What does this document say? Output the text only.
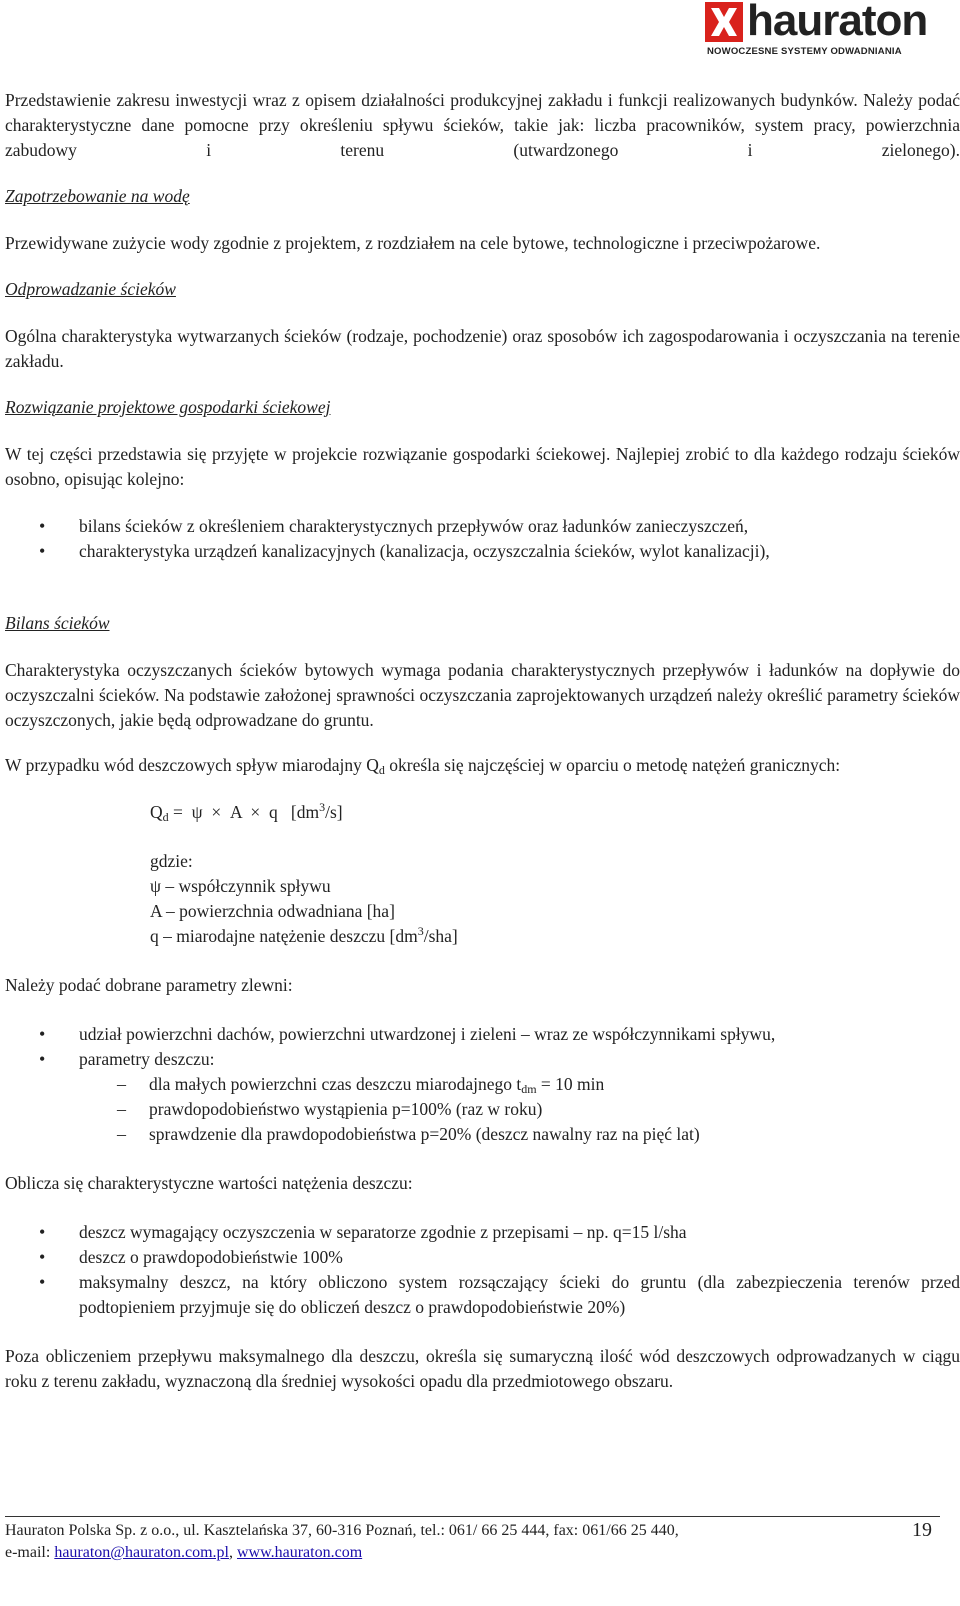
hauraton
NOWOCZESNE SYSTEMY ODWADNIANIA

Przedstawienie zakresu inwestycji wraz z opisem działalności produkcyjnej zakładu i funkcji realizowanych budynków. Należy podać charakterystyczne dane pomocne przy określeniu spływu ścieków, takie jak: liczba pracowników, system pracy, powierzchnia zabudowy i terenu (utwardzonego i zielonego).

Zapotrzebowanie na wodę

Przewidywane zużycie wody zgodnie z projektem, z rozdziałem na cele bytowe, technologiczne i przeciwpożarowe.

Odprowadzanie ścieków

Ogólna charakterystyka wytwarzanych ścieków (rodzaje, pochodzenie) oraz sposobów ich zagospodarowania i oczyszczania na terenie zakładu.

Rozwiązanie projektowe gospodarki ściekowej

W tej części przedstawia się przyjęte w projekcie rozwiązanie gospodarki ściekowej. Najlepiej zrobić to dla każdego rodzaju ścieków osobno, opisując kolejno:

• bilans ścieków z określeniem charakterystycznych przepływów oraz ładunków zanieczyszczeń,
• charakterystyka urządzeń kanalizacyjnych (kanalizacja, oczyszczalnia ścieków, wylot kanalizacji),
Bilans ścieków

Charakterystyka oczyszczanych ścieków bytowych wymaga podania charakterystycznych przepływów i ładunków na dopływie do oczyszczalni ścieków. Na podstawie założonej sprawności oczyszczania zaprojektowanych urządzeń należy określić parametry ścieków oczyszczonych, jakie będą odprowadzane do gruntu.

W przypadku wód deszczowych spływ miarodajny $Q_d$ określa się najczęściej w oparciu o metodę natężeń granicznych:

$Q_d = \psi \times A \times q$   $[dm^3/s]$
gdzie:
ψ – współczynnik spływu
A – powierzchnia odwadniana [ha]
q – miarodajne natężenie deszczu $[dm^3/sha]$

Należy podać dobrane parametry zlewni:

• udział powierzchni dachów, powierzchni utwardzonej i zieleni – wraz ze współczynnikami spływu,
• parametry deszczu:
– dla małych powierzchni czas deszczu miarodajnego $t_{dm} = 10$ min
– prawdopodobieństwo wystąpienia p=100% (raz w roku)
– sprawdzenie dla prawdopodobieństwa p=20% (deszcz nawalny raz na pięć lat)

Oblicza się charakterystyczne wartości natężenia deszczu:

• deszcz wymagający oczyszczenia w separatorze zgodnie z przepisami – np. q=15 l/sha
• deszcz o prawdopodobieństwie 100%
• maksymalny deszcz, na który obliczono system rozsączający ścieki do gruntu (dla zabezpieczenia terenów przed podtopieniem przyjmuje się do obliczeń deszcz o prawdopodobieństwie 20%)

Poza obliczeniem przepływu maksymalnego dla deszczu, określa się sumaryczną ilość wód deszczowych odprowadzanych w ciągu roku z terenu zakładu, wyznaczoną dla średniej wysokości opadu dla przedmiotowego obszaru.

Hauraton Polska Sp. z o.o., ul. Kasztelańska 37, 60-316 Poznań, tel.: 061/ 66 25 444, fax: 061/66 25 440,
e-mail: hauraton@hauraton.com.pl, www.hauraton.com
19
